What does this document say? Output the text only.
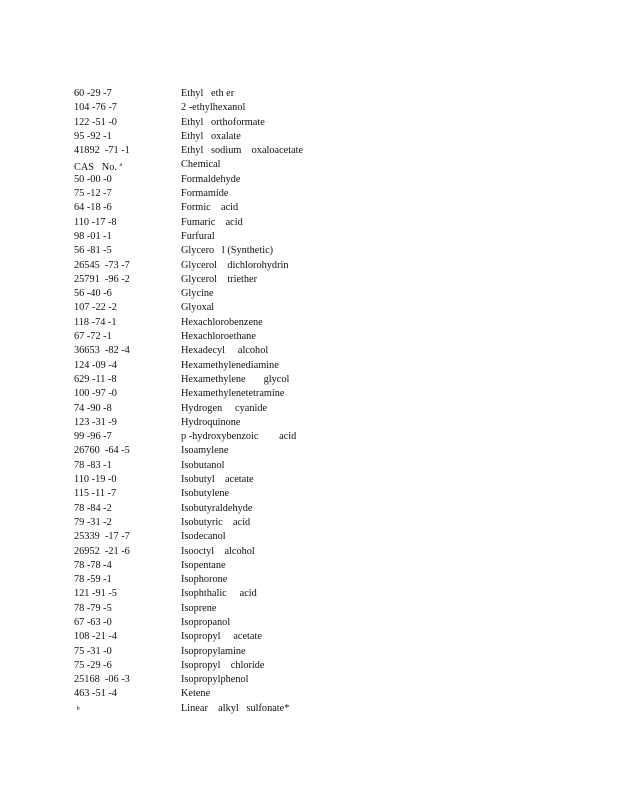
60 -29 -7	Ethyl   eth er
104 -76 -7	2 -ethylhexanol
122 -51 -0	Ethyl   orthoformate
95 -92 -1	Ethyl   oxalate
41892  -71 -1	Ethyl   sodium    oxaloacetate
CAS   No. $^a$	Chemical
50 -00 -0	Formaldehyde
75 -12 -7	Formamide
64 -18 -6	Formic    acid
110 -17 -8	Fumaric    acid
98 -01 -1	Furfural
56 -81 -5	Glycero   l (Synthetic)
26545  -73 -7	Glycerol    dichlorohydrin
25791  -96 -2	Glycerol    triether
56 -40 -6	Glycine
107 -22 -2	Glyoxal
118 -74 -1	Hexachlorobenzene
67 -72 -1	Hexachloroethane
36653  -82 -4	Hexadecyl     alcohol
124 -09 -4	Hexamethylenediamine
629 -11 -8	Hexamethylene       glycol
100 -97 -0	Hexamethylenetetramine
74 -90 -8	Hydrogen     cyanide
123 -31 -9	Hydroquinone
99 -96 -7	p -hydroxybenzoic        acid
26760  -64 -5	Isoamylene
78 -83 -1	Isobutanol
110 -19 -0	Isobutyl    acetate
115 -11 -7	Isobutylene
78 -84 -2	Isobutyraldehyde
79 -31 -2	Isobutyric    acid
25339  -17 -7	Isodecanol
26952  -21 -6	Isooctyl    alcohol
78 -78 -4	Isopentane
78 -59 -1	Isophorone
121 -91 -5	Isophthalic     acid
78 -79 -5	Isoprene
67 -63 -0	Isopropanol
108 -21 -4	Isopropyl     acetate
75 -31 -0	Isopropylamine
75 -29 -6	Isopropyl    chloride
25168  -06 -3	Isopropylphenol
463 -51 -4	Ketene
$^b$	Linear    alkyl   sulfonate*
